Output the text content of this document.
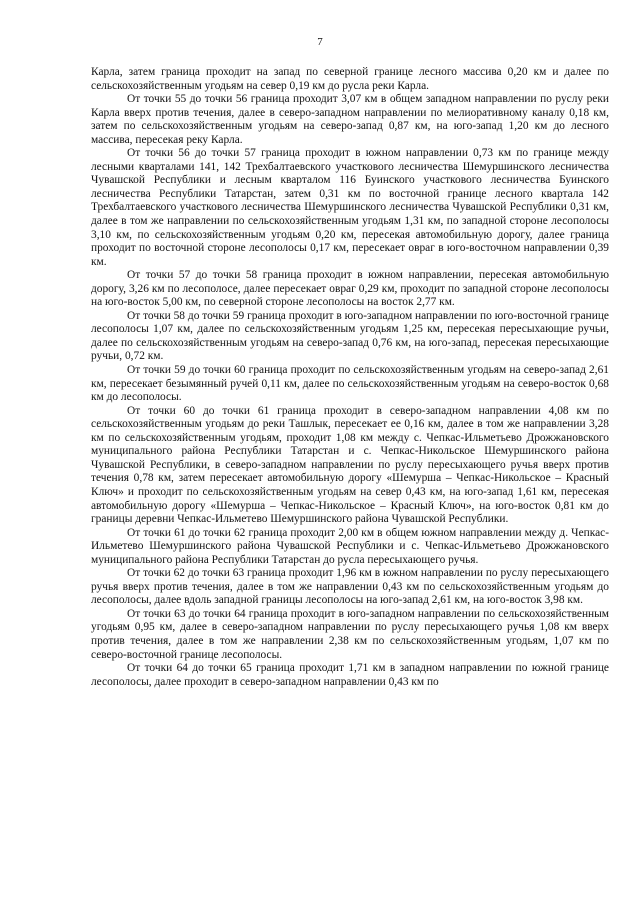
7

Карла, затем граница проходит на запад по северной границе лесного массива 0,20 км и далее по сельскохозяйственным угодьям на север 0,19 км до русла реки Карла.

От точки 55 до точки 56 граница проходит 3,07 км в общем западном направлении по руслу реки Карла вверх против течения, далее в северо-западном направлении по мелиоративному каналу 0,18 км, затем по сельскохозяйственным угодьям на северо-запад 0,87 км, на юго-запад 1,20 км до лесного массива, пересекая реку Карла.

От точки 56 до точки 57 граница проходит в южном направлении 0,73 км по границе между лесными кварталами 141, 142 Трехбалтаевского участкового лесничества Шемуршинского лесничества Чувашской Республики и лесным кварталом 116 Буинского участкового лесничества Буинского лесничества Республики Татарстан, затем 0,31 км по восточной границе лесного квартала 142 Трехбалтаевского участкового лесничества Шемуршинского лесничества Чувашской Республики 0,31 км, далее в том же направлении по сельскохозяйственным угодьям 1,31 км, по западной стороне лесополосы 3,10 км, по сельскохозяйственным угодьям 0,20 км, пересекая автомобильную дорогу, далее граница проходит по восточной стороне лесополосы 0,17 км, пересекает овраг в юго-восточном направлении 0,39 км.

От точки 57 до точки 58 граница проходит в южном направлении, пересекая автомобильную дорогу, 3,26 км по лесополосе, далее пересекает овраг 0,29 км, проходит по западной стороне лесополосы на юго-восток 5,00 км, по северной стороне лесополосы на восток 2,77 км.

От точки 58 до точки 59 граница проходит в юго-западном направлении по юго-восточной границе лесополосы 1,07 км, далее по сельскохозяйственным угодьям 1,25 км, пересекая пересыхающие ручьи, далее по сельскохозяйственным угодьям на северо-запад 0,76 км, на юго-запад, пересекая пересыхающие ручьи, 0,72 км.

От точки 59 до точки 60 граница проходит по сельскохозяйственным угодьям на северо-запад 2,61 км, пересекает безымянный ручей 0,11 км, далее по сельскохозяйственным угодьям на северо-восток 0,68 км до лесополосы.

От точки 60 до точки 61 граница проходит в северо-западном направлении 4,08 км по сельскохозяйственным угодьям до реки Ташлык, пересекает ее 0,16 км, далее в том же направлении 3,28 км по сельскохозяйственным угодьям, проходит 1,08 км между с. Чепкас-Ильметьево Дрожжановского муниципального района Республики Татарстан и с. Чепкас-Никольское Шемуршинского района Чувашской Республики, в северо-западном направлении по руслу пересыхающего ручья вверх против течения 0,78 км, затем пересекает автомобильную дорогу «Шемурша – Чепкас-Никольское – Красный Ключ» и проходит по сельскохозяйственным угодьям на север 0,43 км, на юго-запад 1,61 км, пересекая автомобильную дорогу «Шемурша – Чепкас-Никольское – Красный Ключ», на юго-восток 0,81 км до границы деревни Чепкас-Ильметево Шемуршинского района Чувашской Республики.

От точки 61 до точки 62 граница проходит 2,00 км в общем южном направлении между д. Чепкас-Ильметево Шемуршинского района Чувашской Республики и с. Чепкас-Ильметьево Дрожжановского муниципального района Республики Татарстан до русла пересыхающего ручья.

От точки 62 до точки 63 граница проходит 1,96 км в южном направлении по руслу пересыхающего ручья вверх против течения, далее в том же направлении 0,43 км по сельскохозяйственным угодьям до лесополосы, далее вдоль западной границы лесополосы на юго-запад 2,61 км, на юго-восток 3,98 км.

От точки 63 до точки 64 граница проходит в юго-западном направлении по сельскохозяйственным угодьям 0,95 км, далее в северо-западном направлении по руслу пересыхающего ручья 1,08 км вверх против течения, далее в том же направлении 2,38 км по сельскохозяйственным угодьям, 1,07 км по северо-восточной границе лесополосы.

От точки 64 до точки 65 граница проходит 1,71 км в западном направлении по южной границе лесополосы, далее проходит в северо-западном направлении 0,43 км по
